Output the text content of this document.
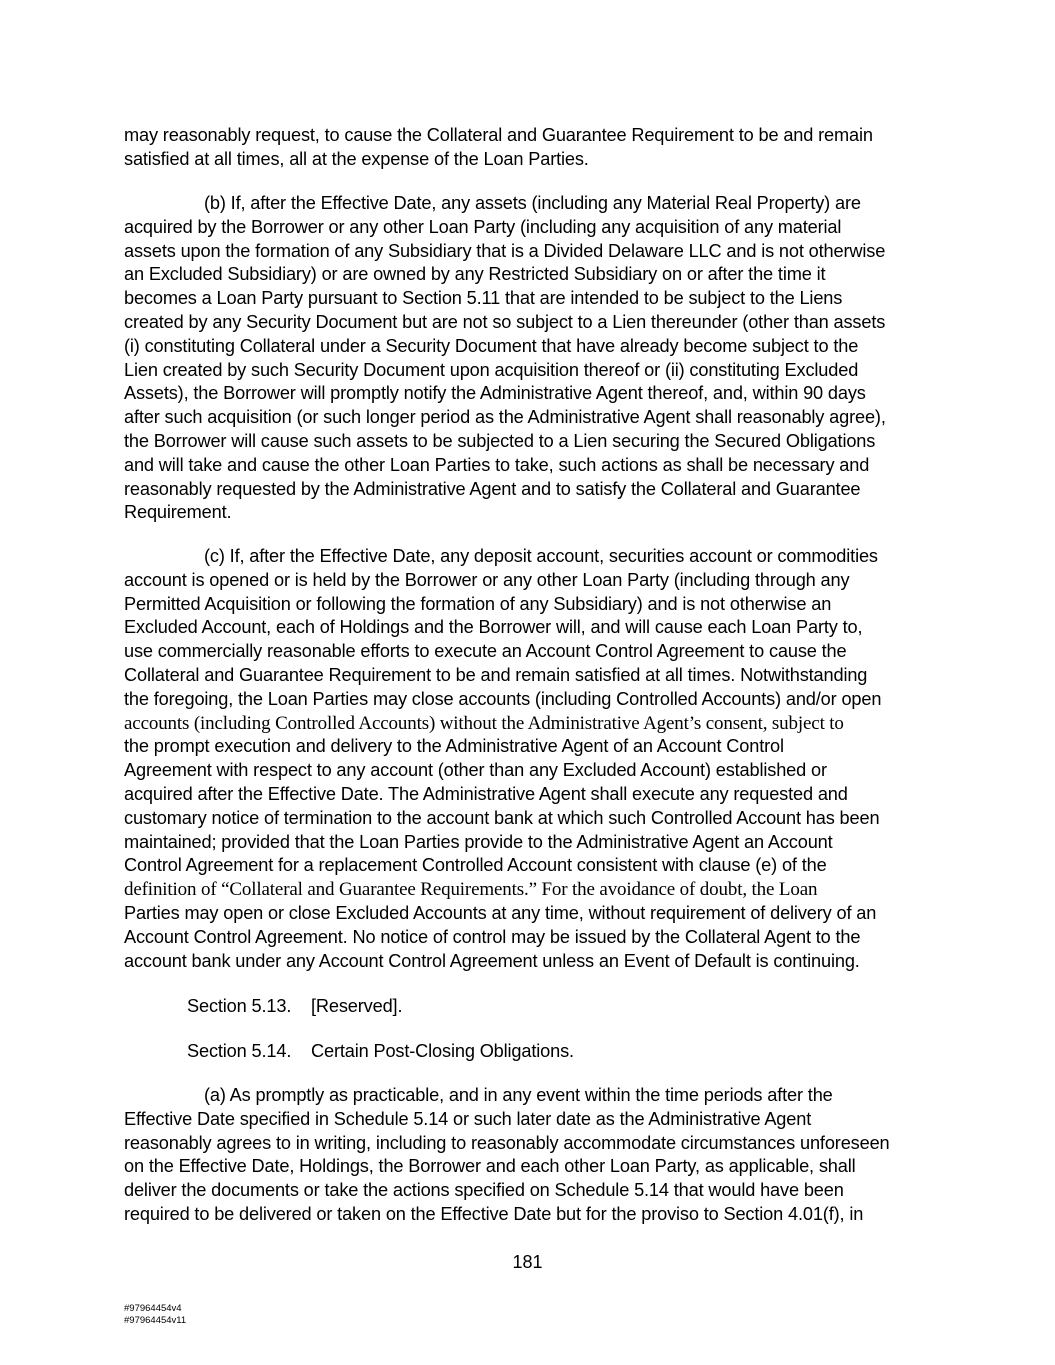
may reasonably request, to cause the Collateral and Guarantee Requirement to be and remain
satisfied at all times, all at the expense of the Loan Parties.
(b) If, after the Effective Date, any assets (including any Material Real Property) are
acquired by the Borrower or any other Loan Party (including any acquisition of any material
assets upon the formation of any Subsidiary that is a Divided Delaware LLC and is not otherwise
an Excluded Subsidiary) or are owned by any Restricted Subsidiary on or after the time it
becomes a Loan Party pursuant to Section 5.11 that are intended to be subject to the Liens
created by any Security Document but are not so subject to a Lien thereunder (other than assets
(i) constituting Collateral under a Security Document that have already become subject to the
Lien created by such Security Document upon acquisition thereof or (ii) constituting Excluded
Assets), the Borrower will promptly notify the Administrative Agent thereof, and, within 90 days
after such acquisition (or such longer period as the Administrative Agent shall reasonably agree),
the Borrower will cause such assets to be subjected to a Lien securing the Secured Obligations
and will take and cause the other Loan Parties to take, such actions as shall be necessary and
reasonably requested by the Administrative Agent and to satisfy the Collateral and Guarantee
Requirement.
(c) If, after the Effective Date, any deposit account, securities account or commodities
account is opened or is held by the Borrower or any other Loan Party (including through any
Permitted Acquisition or following the formation of any Subsidiary) and is not otherwise an
Excluded Account, each of Holdings and the Borrower will, and will cause each Loan Party to,
use commercially reasonable efforts to execute an Account Control Agreement to cause the
Collateral and Guarantee Requirement to be and remain satisfied at all times. Notwithstanding
the foregoing, the Loan Parties may close accounts (including Controlled Accounts) and/or open
accounts (including Controlled Accounts) without the Administrative Agent’s consent, subject to
the prompt execution and delivery to the Administrative Agent of an Account Control
Agreement with respect to any account (other than any Excluded Account) established or
acquired after the Effective Date. The Administrative Agent shall execute any requested and
customary notice of termination to the account bank at which such Controlled Account has been
maintained; provided that the Loan Parties provide to the Administrative Agent an Account
Control Agreement for a replacement Controlled Account consistent with clause (e) of the
definition of “Collateral and Guarantee Requirements.” For the avoidance of doubt, the Loan
Parties may open or close Excluded Accounts at any time, without requirement of delivery of an
Account Control Agreement. No notice of control may be issued by the Collateral Agent to the
account bank under any Account Control Agreement unless an Event of Default is continuing.
Section 5.13. [Reserved].
Section 5.14. Certain Post-Closing Obligations.
(a) As promptly as practicable, and in any event within the time periods after the
Effective Date specified in Schedule 5.14 or such later date as the Administrative Agent
reasonably agrees to in writing, including to reasonably accommodate circumstances unforeseen
on the Effective Date, Holdings, the Borrower and each other Loan Party, as applicable, shall
deliver the documents or take the actions specified on Schedule 5.14 that would have been
required to be delivered or taken on the Effective Date but for the proviso to Section 4.01(f), in
181
#97964454v4
#97964454v11
